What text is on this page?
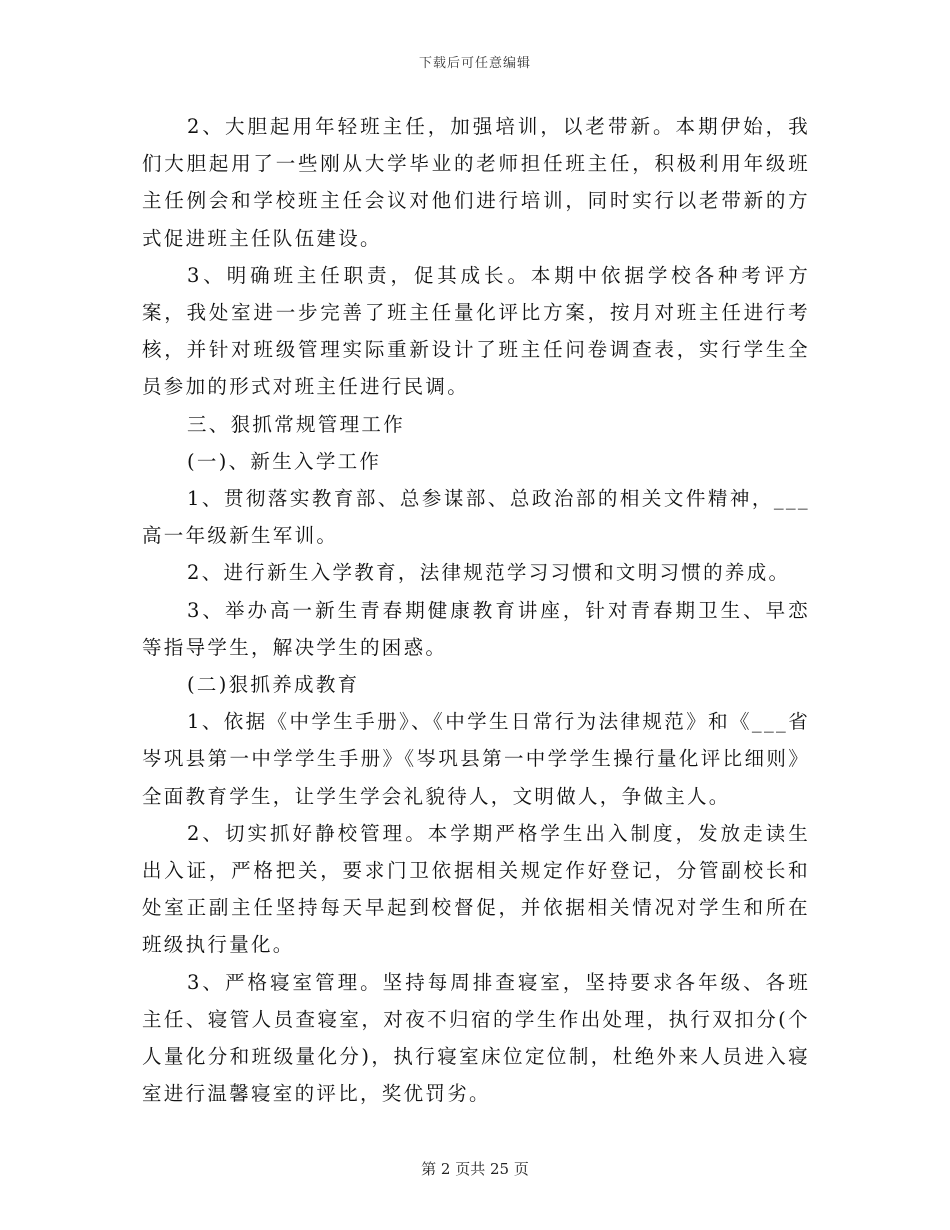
下载后可任意编辑

2、大胆起用年轻班主任，加强培训，以老带新。本期伊始，我们大胆起用了一些刚从大学毕业的老师担任班主任，积极利用年级班主任例会和学校班主任会议对他们进行培训，同时实行以老带新的方式促进班主任队伍建设。

3、明确班主任职责，促其成长。本期中依据学校各种考评方案，我处室进一步完善了班主任量化评比方案，按月对班主任进行考核，并针对班级管理实际重新设计了班主任问卷调查表，实行学生全员参加的形式对班主任进行民调。

三、狠抓常规管理工作

(一)、新生入学工作

1、贯彻落实教育部、总参谋部、总政治部的相关文件精神，___高一年级新生军训。

2、进行新生入学教育，法律规范学习习惯和文明习惯的养成。

3、举办高一新生青春期健康教育讲座，针对青春期卫生、早恋等指导学生，解决学生的困惑。

(二)狠抓养成教育

1、依据《中学生手册》、《中学生日常行为法律规范》和《___省岑巩县第一中学学生手册》《岑巩县第一中学学生操行量化评比细则》全面教育学生，让学生学会礼貌待人，文明做人，争做主人。

2、切实抓好静校管理。本学期严格学生出入制度，发放走读生出入证，严格把关，要求门卫依据相关规定作好登记，分管副校长和处室正副主任坚持每天早起到校督促，并依据相关情况对学生和所在班级执行量化。

3、严格寝室管理。坚持每周排查寝室，坚持要求各年级、各班主任、寝管人员查寝室，对夜不归宿的学生作出处理，执行双扣分(个人量化分和班级量化分)，执行寝室床位定位制，杜绝外来人员进入寝室进行温馨寝室的评比，奖优罚劣。

第 2 页共 25 页
